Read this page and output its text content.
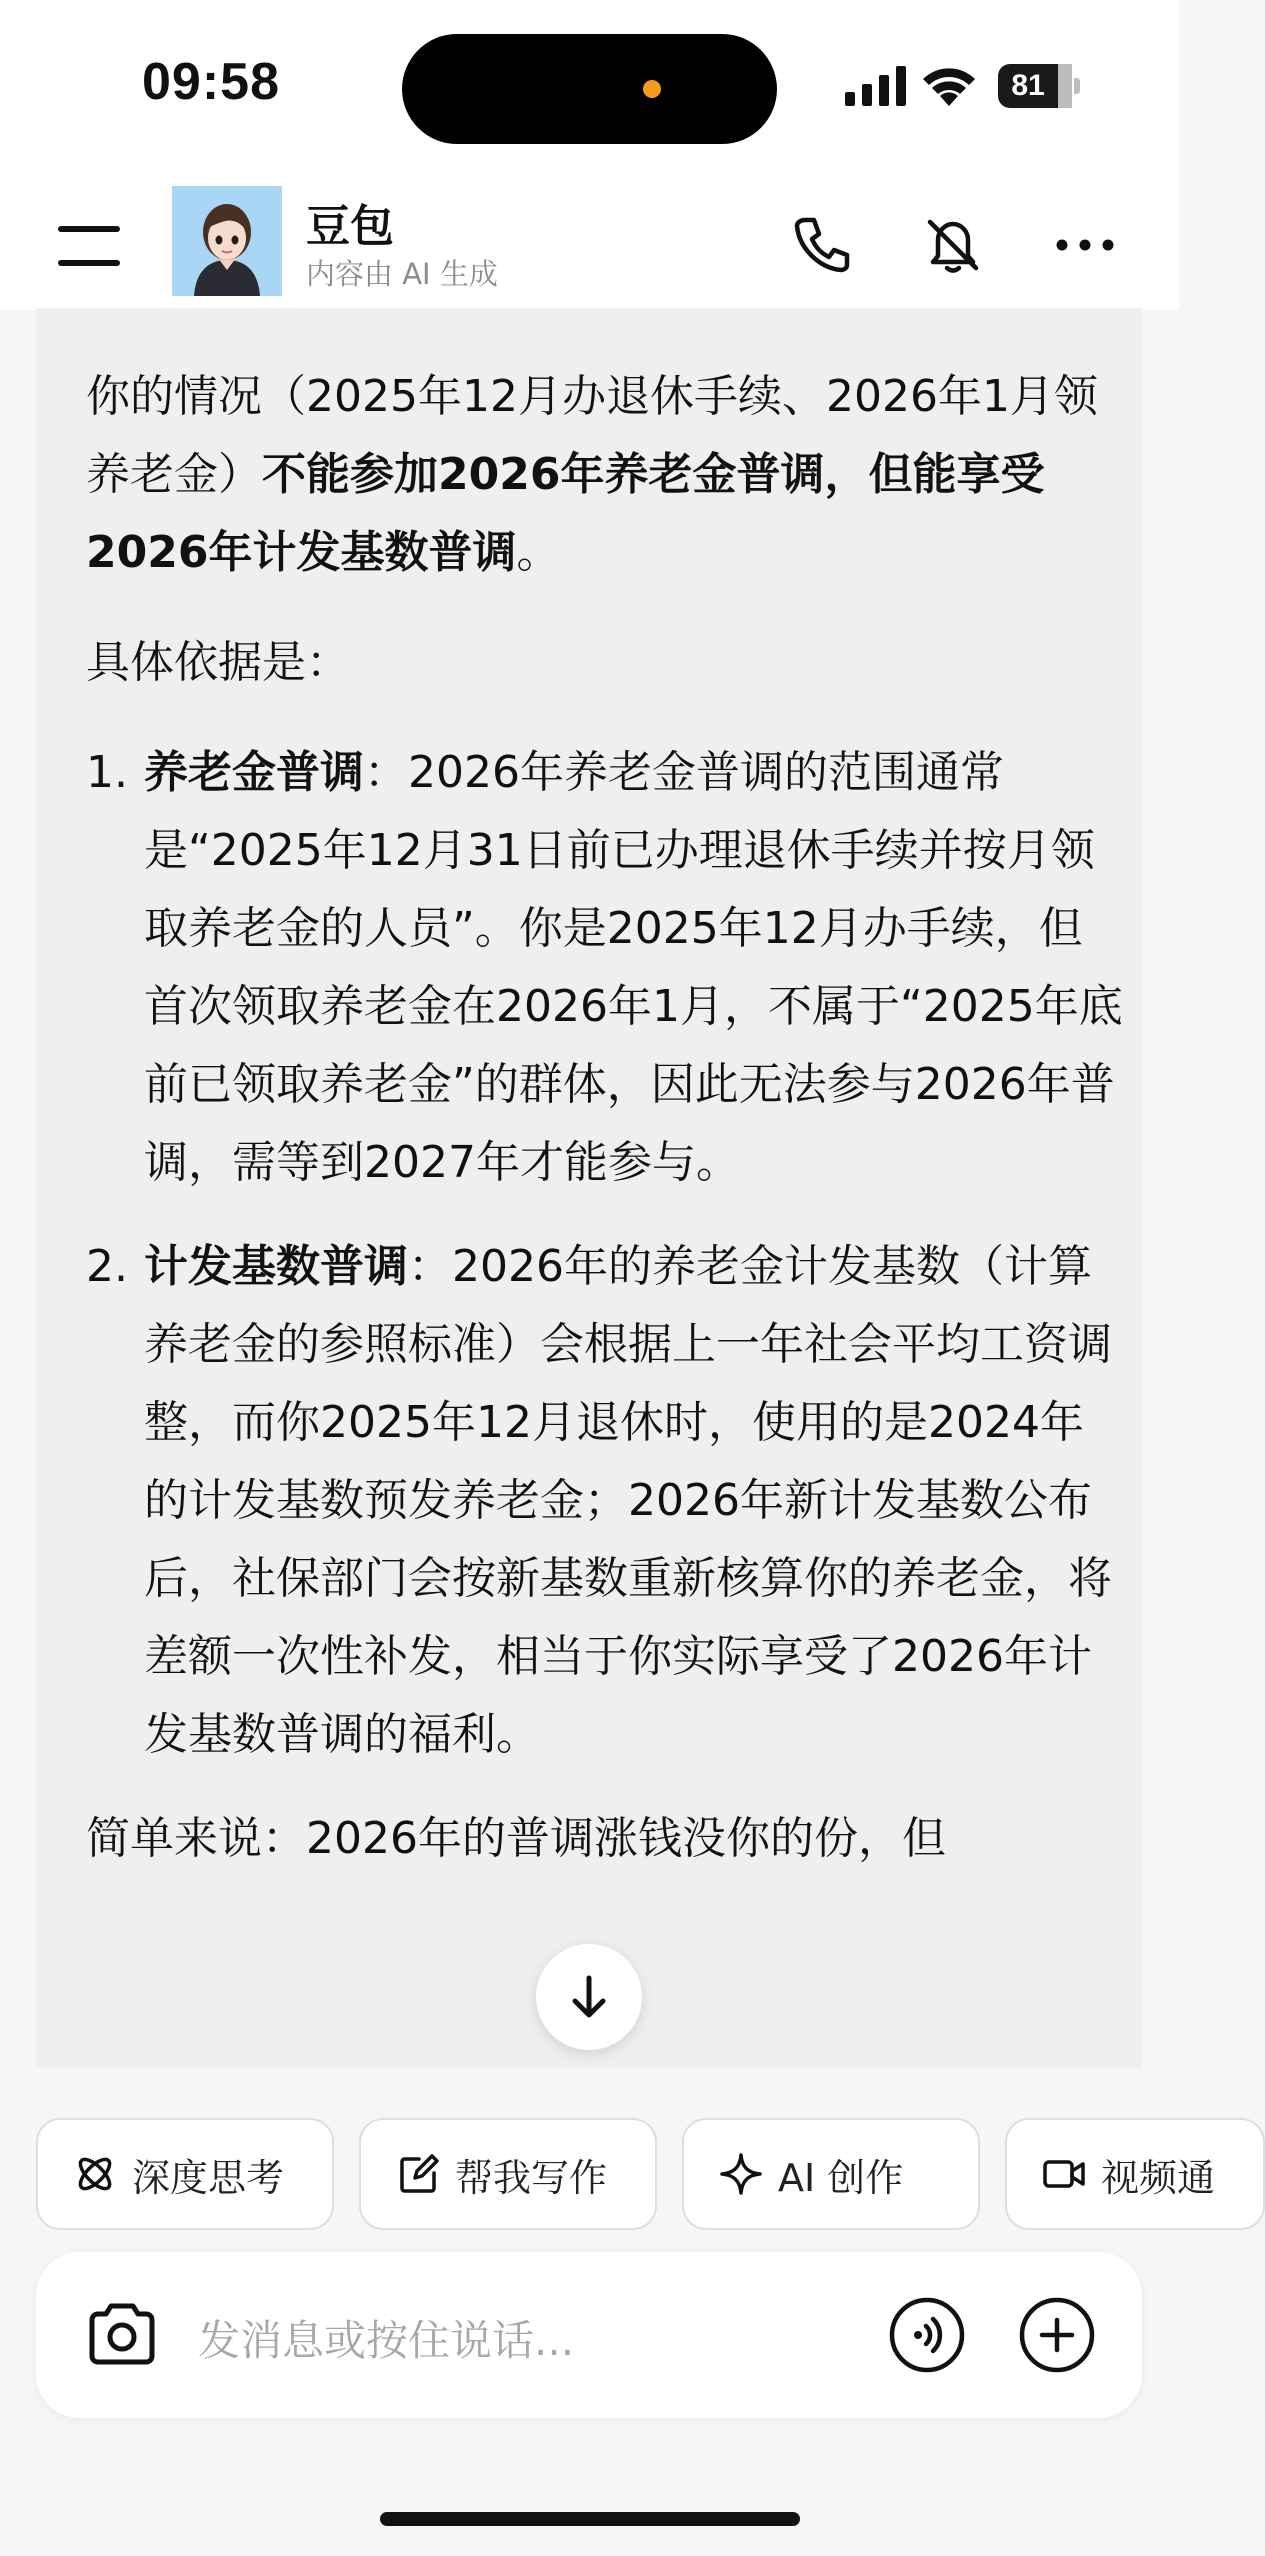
09:58	81
豆包
内容由 AI 生成

你的情况（2025年12月办退休手续、2026年1月领养老金）不能参加2026年养老金普调，但能享受2026年计发基数普调。

具体依据是：

1. 养老金普调：2026年养老金普调的范围通常是“2025年12月31日前已办理退休手续并按月领取养老金的人员”。你是2025年12月办手续，但首次领取养老金在2026年1月，不属于“2025年底前已领取养老金”的群体，因此无法参与2026年普调，需等到2027年才能参与。
2. 计发基数普调：2026年的养老金计发基数（计算养老金的参照标准）会根据上一年社会平均工资调整，而你2025年12月退休时，使用的是2024年的计发基数预发养老金；2026年新计发基数公布后，社保部门会按新基数重新核算你的养老金，将差额一次性补发，相当于你实际享受了2026年计发基数普调的福利。

简单来说：2026年的普调涨钱没你的份，但

深度思考	帮我写作	AI 创作	视频通
发消息或按住说话...
